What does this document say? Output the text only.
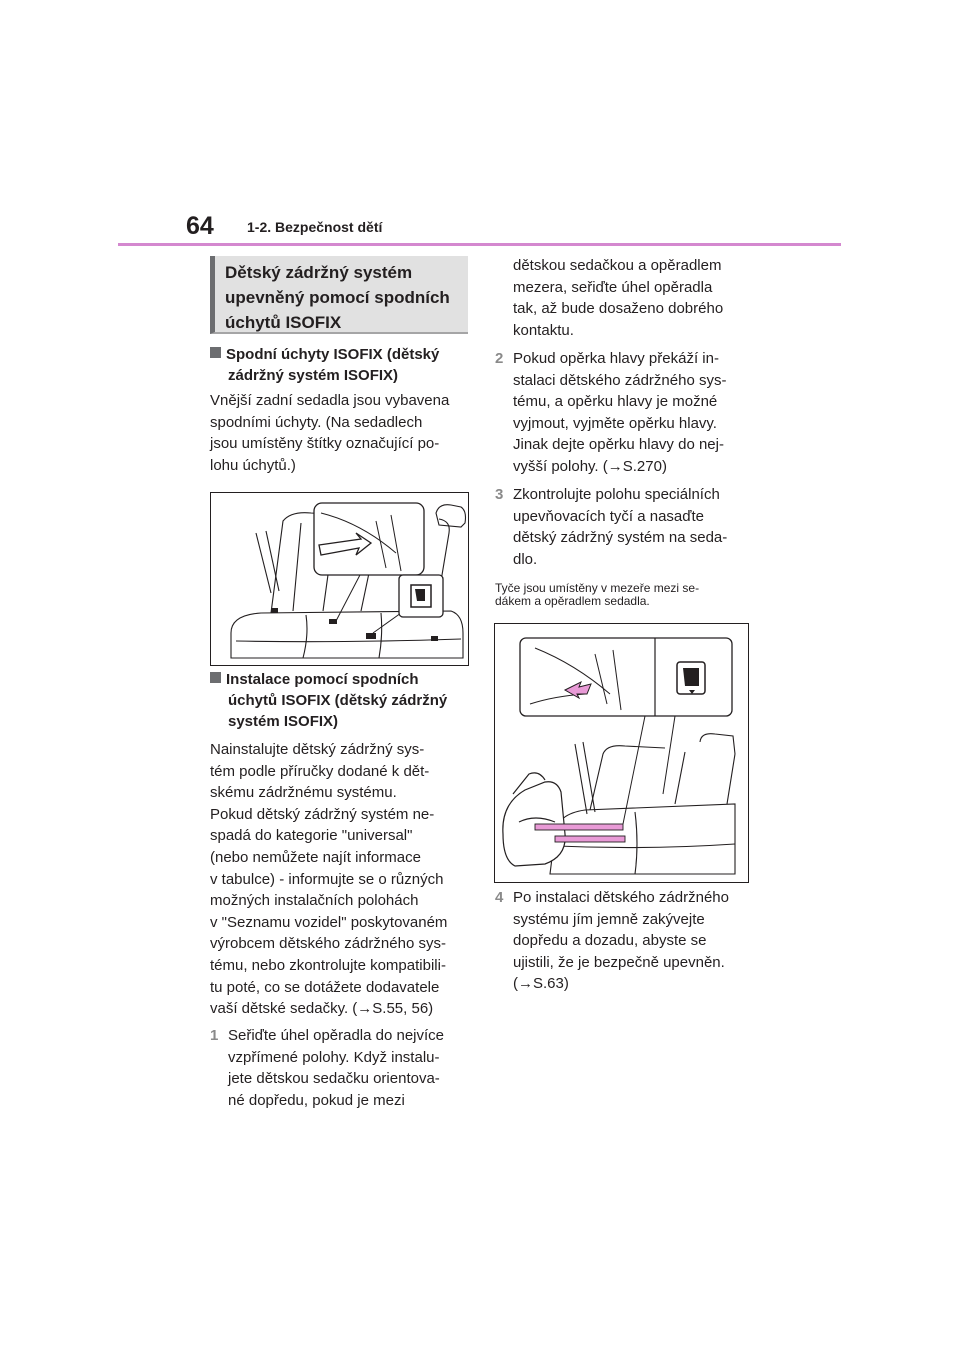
64 1-2. Bezpečnost dětí
Dětský zádržný systém
upevněný pomocí spodních
úchytů ISOFIX
Spodní úchyty ISOFIX (dětský
zádržný systém ISOFIX)
Vnější zadní sedadla jsou vybavena
spodními úchyty. (Na sedadlech
jsou umístěny štítky označující po-
lohu úchytů.)
Instalace pomocí spodních
úchytů ISOFIX (dětský zádržný
systém ISOFIX)
Nainstalujte dětský zádržný sys-
tém podle příručky dodané k dět-
skému zádržnému systému.
Pokud dětský zádržný systém ne-
spadá do kategorie "universal"
(nebo nemůžete najít informace
v tabulce) - informujte se o různých
možných instalačních polohách
v "Seznamu vozidel" poskytovaném
výrobcem dětského zádržného sys-
tému, nebo zkontrolujte kompatibili-
tu poté, co se dotážete dodavatele
vaší dětské sedačky. (→S.55, 56)
1 Seřiďte úhel opěradla do nejvíce
vzpřímené polohy. Když instalu-
jete dětskou sedačku orientova-
né dopředu, pokud je mezi
dětskou sedačkou a opěradlem
mezera, seřiďte úhel opěradla
tak, až bude dosaženo dobrého
kontaktu.
2 Pokud opěrka hlavy překáží in-
stalaci dětského zádržného sys-
tému, a opěrku hlavy je možné
vyjmout, vyjměte opěrku hlavy.
Jinak dejte opěrku hlavy do nej-
vyšší polohy. (→S.270)
3 Zkontrolujte polohu speciálních
upevňovacích tyčí a nasaďte
dětský zádržný systém na seda-
dlo.
Tyče jsou umístěny v mezeře mezi se-
dákem a opěradlem sedadla.
4 Po instalaci dětského zádržného
systému jím jemně zakývejte
dopředu a dozadu, abyste se
ujistili, že je bezpečně upevněn.
(→S.63)
